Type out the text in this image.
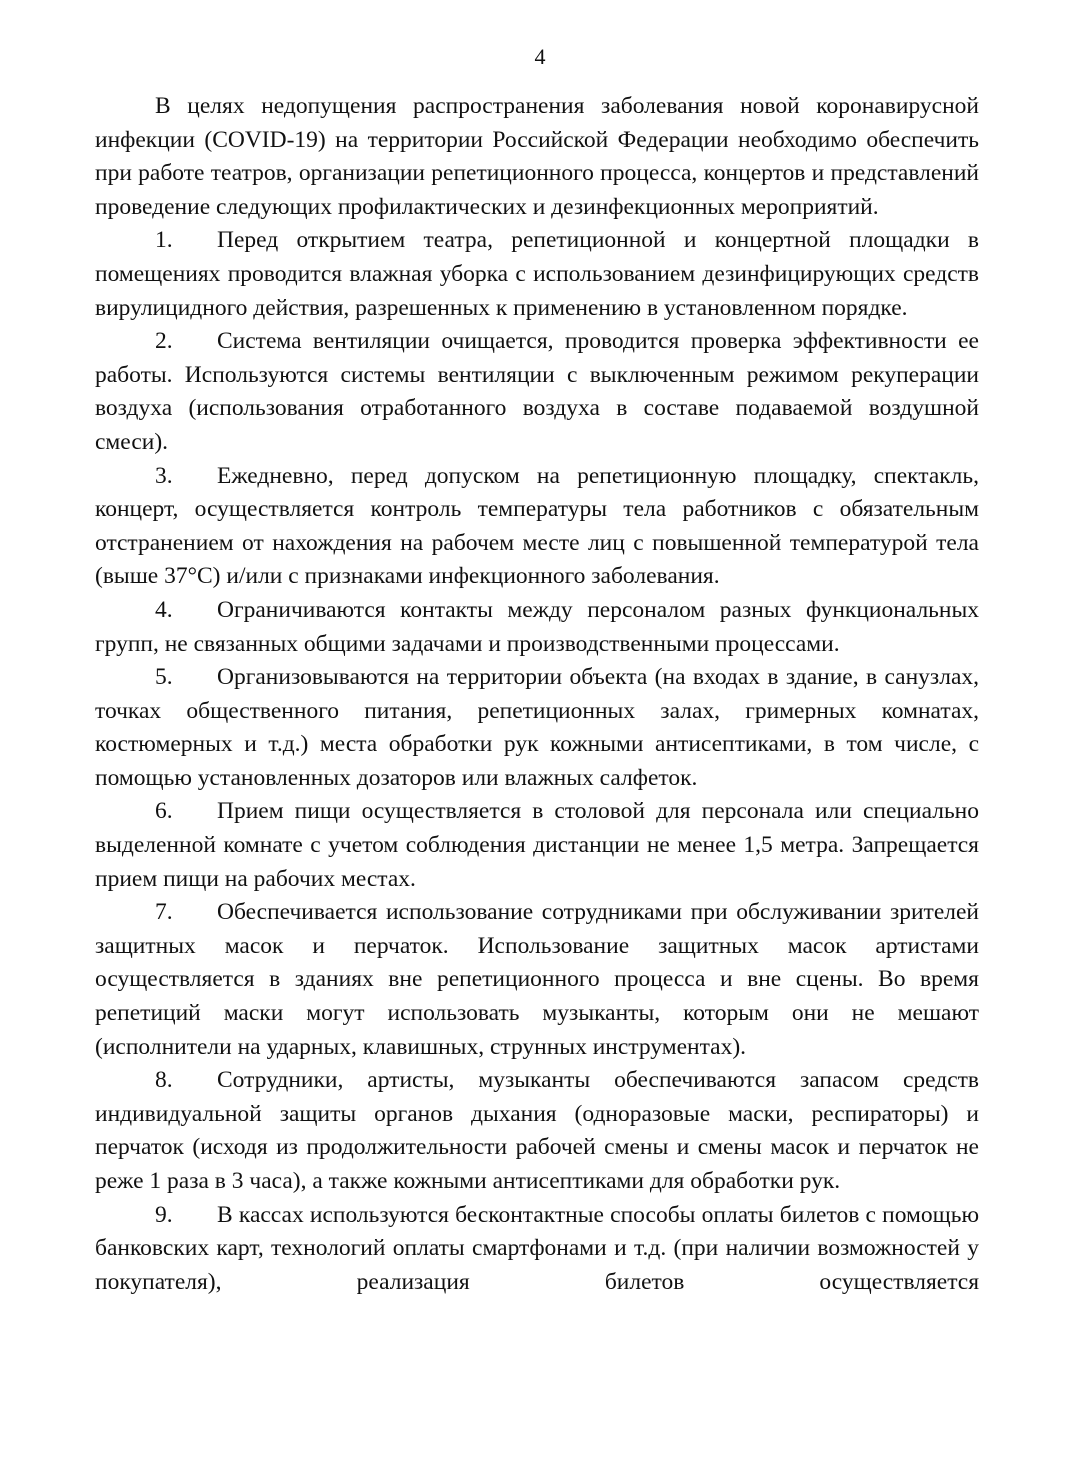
4

В целях недопущения распространения заболевания новой коронавирусной инфекции (COVID-19) на территории Российской Федерации необходимо обеспечить при работе театров, организации репетиционного процесса, концертов и представлений проведение следующих профилактических и дезинфекционных мероприятий.

1. Перед открытием театра, репетиционной и концертной площадки в помещениях проводится влажная уборка с использованием дезинфицирующих средств вирулицидного действия, разрешенных к применению в установленном порядке.

2. Система вентиляции очищается, проводится проверка эффективности ее работы. Используются системы вентиляции с выключенным режимом рекуперации воздуха (использования отработанного воздуха в составе подаваемой воздушной смеси).

3. Ежедневно, перед допуском на репетиционную площадку, спектакль, концерт, осуществляется контроль температуры тела работников с обязательным отстранением от нахождения на рабочем месте лиц с повышенной температурой тела (выше 37°С) и/или с признаками инфекционного заболевания.

4. Ограничиваются контакты между персоналом разных функциональных групп, не связанных общими задачами и производственными процессами.

5. Организовываются на территории объекта (на входах в здание, в санузлах, точках общественного питания, репетиционных залах, гримерных комнатах, костюмерных и т.д.) места обработки рук кожными антисептиками, в том числе, с помощью установленных дозаторов или влажных салфеток.

6. Прием пищи осуществляется в столовой для персонала или специально выделенной комнате с учетом соблюдения дистанции не менее 1,5 метра. Запрещается прием пищи на рабочих местах.

7. Обеспечивается использование сотрудниками при обслуживании зрителей защитных масок и перчаток. Использование защитных масок артистами осуществляется в зданиях вне репетиционного процесса и вне сцены. Во время репетиций маски могут использовать музыканты, которым они не мешают (исполнители на ударных, клавишных, струнных инструментах).

8. Сотрудники, артисты, музыканты обеспечиваются запасом средств индивидуальной защиты органов дыхания (одноразовые маски, респираторы) и перчаток (исходя из продолжительности рабочей смены и смены масок и перчаток не реже 1 раза в 3 часа), а также кожными антисептиками для обработки рук.

9. В кассах используются бесконтактные способы оплаты билетов с помощью банковских карт, технологий оплаты смартфонами и т.д. (при наличии возможностей у покупателя), реализация билетов осуществляется
